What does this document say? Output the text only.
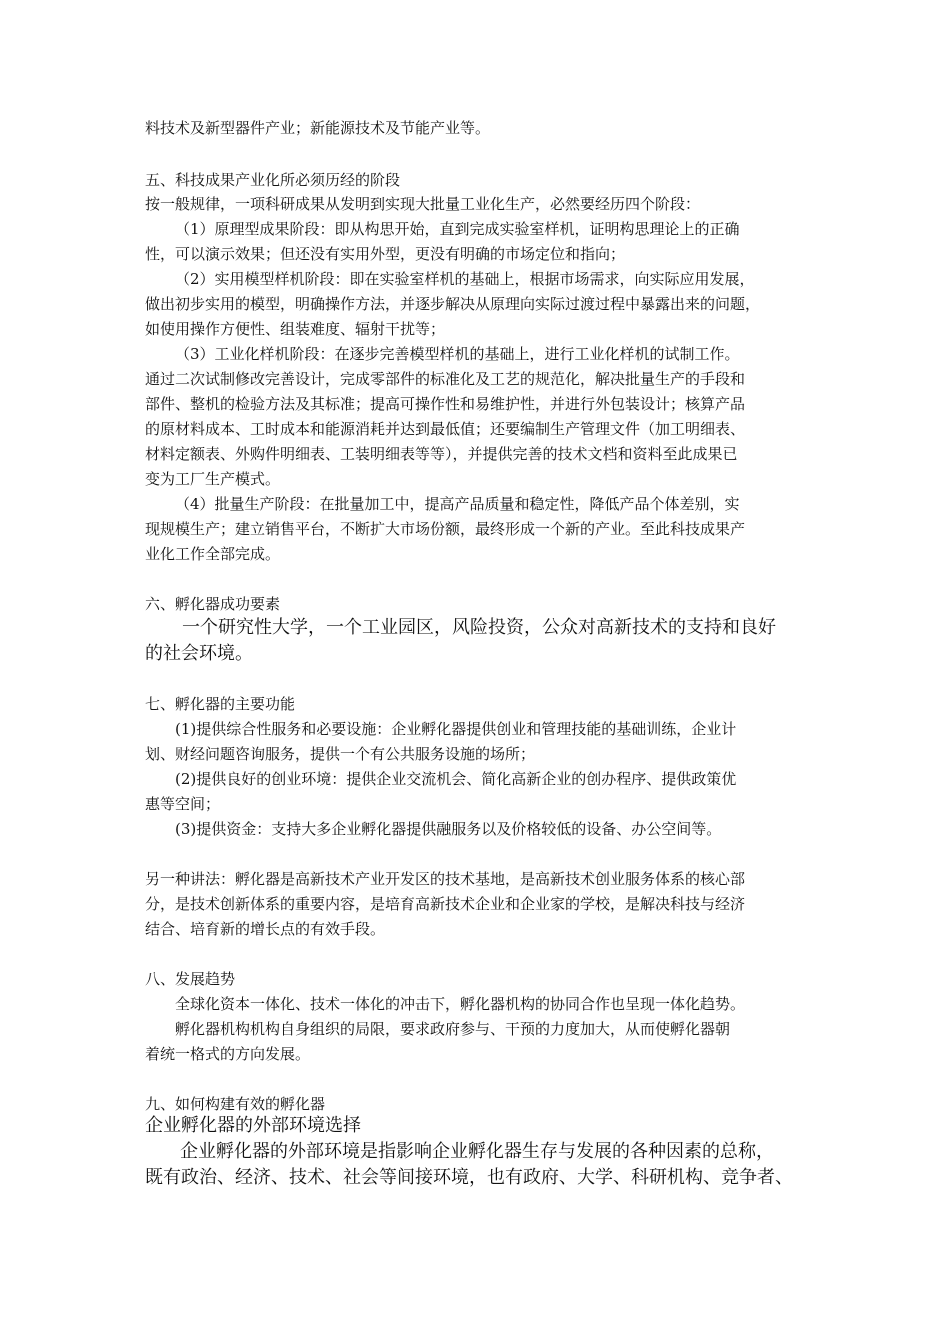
料技术及新型器件产业；新能源技术及节能产业等。
五、科技成果产业化所必须历经的阶段
按一般规律，一项科研成果从发明到实现大批量工业化生产，必然要经历四个阶段：
（1）原理型成果阶段：即从构思开始，直到完成实验室样机，证明构思理论上的正确
性，可以演示效果；但还没有实用外型，更没有明确的市场定位和指向；
（2）实用模型样机阶段：即在实验室样机的基础上，根据市场需求，向实际应用发展，
做出初步实用的模型，明确操作方法，并逐步解决从原理向实际过渡过程中暴露出来的问题，
如使用操作方便性、组装难度、辐射干扰等；
（3）工业化样机阶段：在逐步完善模型样机的基础上，进行工业化样机的试制工作。
通过二次试制修改完善设计，完成零部件的标准化及工艺的规范化，解决批量生产的手段和
部件、整机的检验方法及其标准；提高可操作性和易维护性，并进行外包装设计；核算产品
的原材料成本、工时成本和能源消耗并达到最低值；还要编制生产管理文件（加工明细表、
材料定额表、外购件明细表、工装明细表等等），并提供完善的技术文档和资料至此成果已
变为工厂生产模式。
（4）批量生产阶段：在批量加工中，提高产品质量和稳定性，降低产品个体差别，实
现规模生产；建立销售平台，不断扩大市场份额，最终形成一个新的产业。至此科技成果产
业化工作全部完成。
六、孵化器成功要素
一个研究性大学，一个工业园区，风险投资，公众对高新技术的支持和良好
的社会环境。
七、孵化器的主要功能
(1)提供综合性服务和必要设施：企业孵化器提供创业和管理技能的基础训练，企业计
划、财经问题咨询服务，提供一个有公共服务设施的场所；
(2)提供良好的创业环境：提供企业交流机会、简化高新企业的创办程序、提供政策优
惠等空间；
(3)提供资金：支持大多企业孵化器提供融服务以及价格较低的设备、办公空间等。
另一种讲法：孵化器是高新技术产业开发区的技术基地，是高新技术创业服务体系的核心部
分，是技术创新体系的重要内容，是培育高新技术企业和企业家的学校，是解决科技与经济
结合、培育新的增长点的有效手段。
八、发展趋势
全球化资本一体化、技术一体化的冲击下，孵化器机构的协同合作也呈现一体化趋势。
孵化器机构机构自身组织的局限，要求政府参与、干预的力度加大，从而使孵化器朝
着统一格式的方向发展。
九、如何构建有效的孵化器
企业孵化器的外部环境选择
企业孵化器的外部环境是指影响企业孵化器生存与发展的各种因素的总称，
既有政治、经济、技术、社会等间接环境，也有政府、大学、科研机构、竞争者、
